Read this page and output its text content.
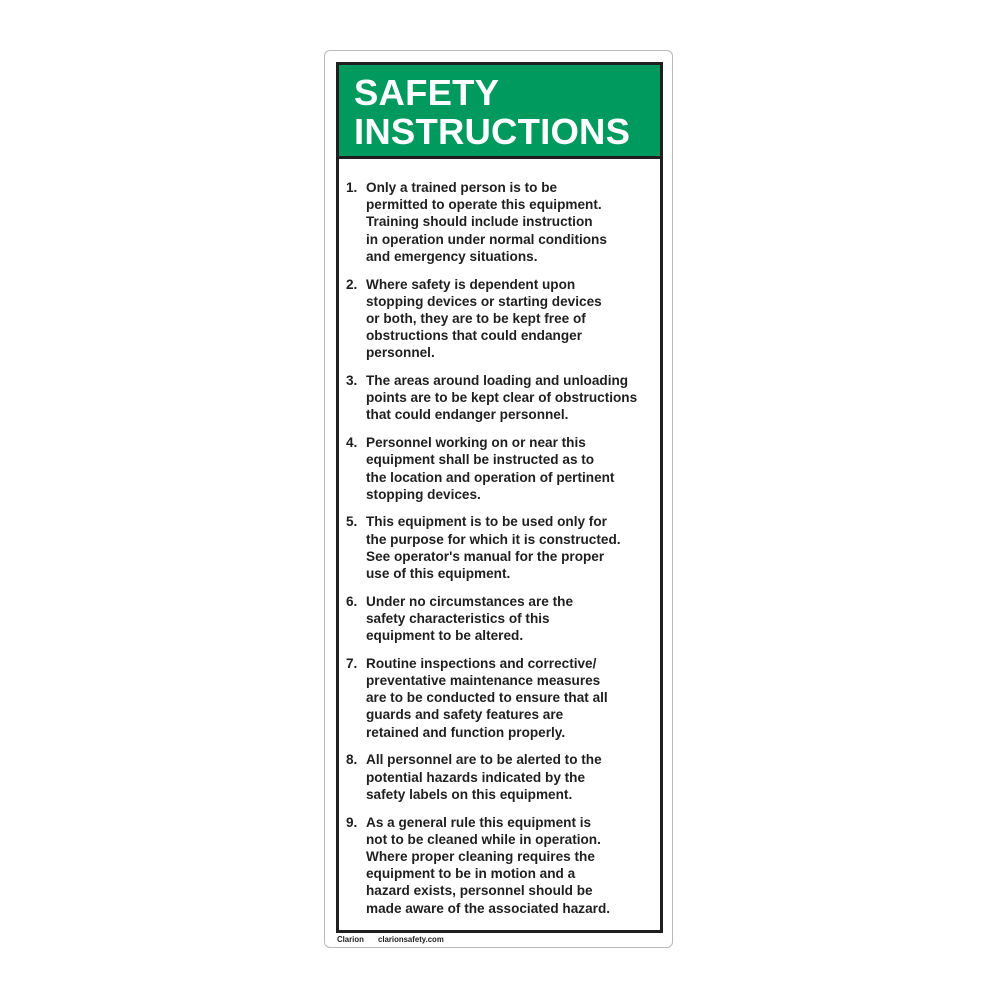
SAFETY
INSTRUCTIONS
1. Only a trained person is to be
permitted to operate this equipment.
Training should include instruction
in operation under normal conditions
and emergency situations.
2. Where safety is dependent upon
stopping devices or starting devices
or both, they are to be kept free of
obstructions that could endanger
personnel.
3. The areas around loading and unloading
points are to be kept clear of obstructions
that could endanger personnel.
4. Personnel working on or near this
equipment shall be instructed as to
the location and operation of pertinent
stopping devices.
5. This equipment is to be used only for
the purpose for which it is constructed.
See operator's manual for the proper
use of this equipment.
6. Under no circumstances are the
safety characteristics of this
equipment to be altered.
7. Routine inspections and corrective/
preventative maintenance measures
are to be conducted to ensure that all
guards and safety features are
retained and function properly.
8. All personnel are to be alerted to the
potential hazards indicated by the
safety labels on this equipment.
9. As a general rule this equipment is
not to be cleaned while in operation.
Where proper cleaning requires the
equipment to be in motion and a
hazard exists, personnel should be
made aware of the associated hazard.
Clarion clarionsafety.com
